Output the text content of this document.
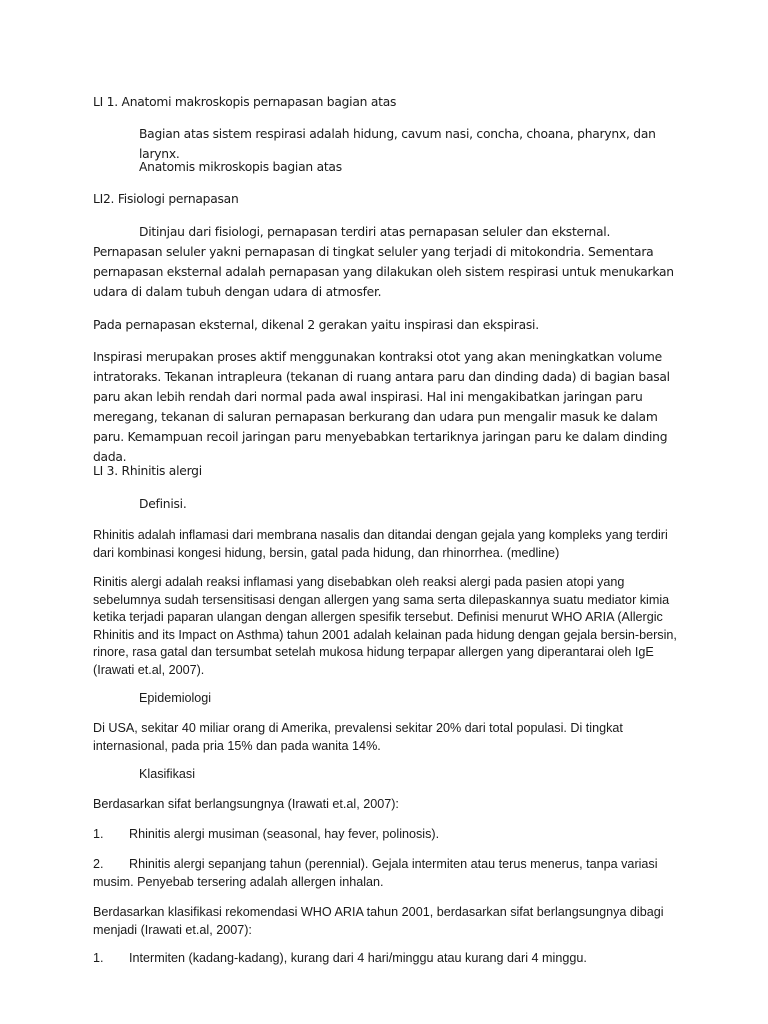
LI 1. Anatomi makroskopis pernapasan bagian atas

Bagian atas sistem respirasi adalah hidung, cavum nasi, concha, choana, pharynx, dan larynx.

Anatomis mikroskopis bagian atas

LI2. Fisiologi pernapasan

Ditinjau dari fisiologi, pernapasan terdiri atas pernapasan seluler dan eksternal. Pernapasan seluler yakni pernapasan di tingkat seluler yang terjadi di mitokondria. Sementara pernapasan eksternal adalah pernapasan yang dilakukan oleh sistem respirasi untuk menukarkan udara di dalam tubuh dengan udara di atmosfer.

Pada pernapasan eksternal, dikenal 2 gerakan yaitu inspirasi dan ekspirasi.

Inspirasi merupakan proses aktif menggunakan kontraksi otot yang akan meningkatkan volume intratoraks. Tekanan intrapleura (tekanan di ruang antara paru dan dinding dada) di bagian basal paru akan lebih rendah dari normal pada awal inspirasi. Hal ini mengakibatkan jaringan paru meregang, tekanan di saluran pernapasan berkurang dan udara pun mengalir masuk ke dalam paru. Kemampuan recoil jaringan paru menyebabkan tertariknya jaringan paru ke dalam dinding dada.

LI 3. Rhinitis alergi

Definisi.

Rhinitis adalah inflamasi dari membrana nasalis dan ditandai dengan gejala yang kompleks yang terdiri dari kombinasi kongesi hidung, bersin, gatal pada hidung, dan rhinorrhea. (medline)

Rinitis alergi adalah reaksi inflamasi yang disebabkan oleh reaksi alergi pada pasien atopi yang sebelumnya sudah tersensitisasi dengan allergen yang sama serta dilepaskannya suatu mediator kimia ketika terjadi paparan ulangan dengan allergen spesifik tersebut. Definisi menurut WHO ARIA (Allergic Rhinitis and its Impact on Asthma) tahun 2001 adalah kelainan pada hidung dengan gejala bersin-bersin, rinore, rasa gatal dan tersumbat setelah mukosa hidung terpapar allergen yang diperantarai oleh IgE (Irawati et.al, 2007).

Epidemiologi

Di USA, sekitar 40 miliar orang di Amerika, prevalensi sekitar 20% dari total populasi. Di tingkat internasional, pada pria 15% dan pada wanita 14%.

Klasifikasi

Berdasarkan sifat berlangsungnya (Irawati et.al, 2007):

1. Rhinitis alergi musiman (seasonal, hay fever, polinosis).
2. Rhinitis alergi sepanjang tahun (perennial). Gejala intermiten atau terus menerus, tanpa variasi
musim. Penyebab tersering adalah allergen inhalan.

Berdasarkan klasifikasi rekomendasi WHO ARIA tahun 2001, berdasarkan sifat berlangsungnya dibagi menjadi (Irawati et.al, 2007):

1. Intermiten (kadang-kadang), kurang dari 4 hari/minggu atau kurang dari 4 minggu.
